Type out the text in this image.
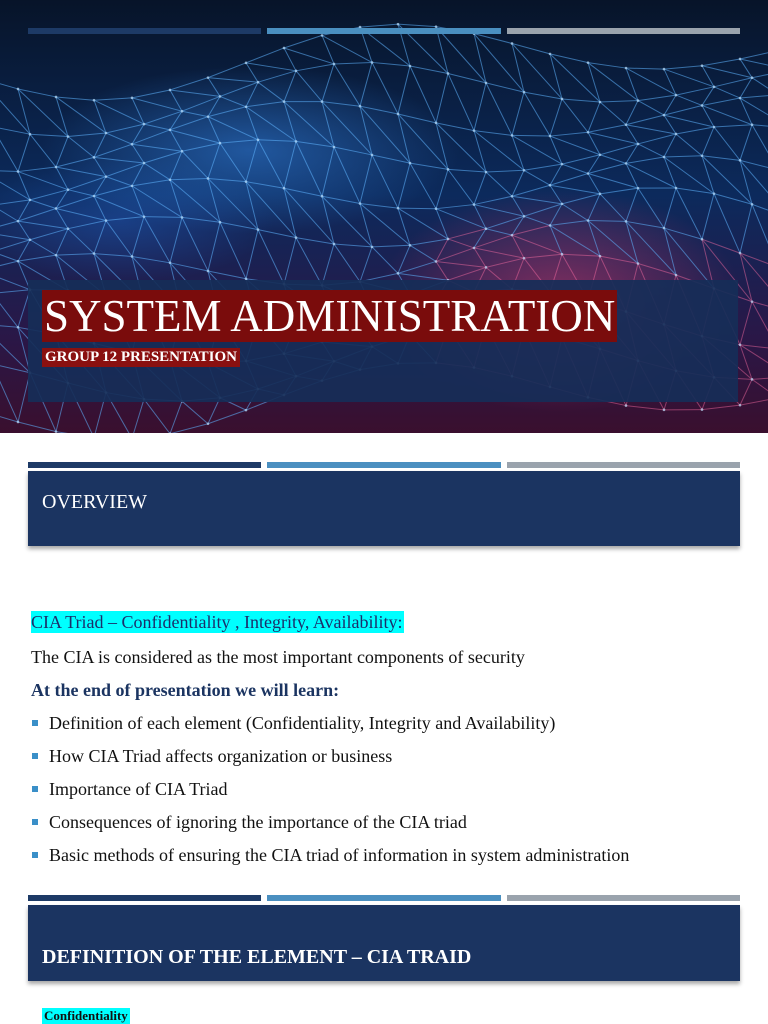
SYSTEM ADMINISTRATION
GROUP 12 PRESENTATION
OVERVIEW
CIA Triad – Confidentiality , Integrity, Availability:
The CIA is considered as the most important components of security
At the end of presentation we will learn:
Definition of each element (Confidentiality, Integrity and Availability)
How CIA Triad affects organization or business
Importance of CIA Triad
Consequences of ignoring the importance of the CIA triad
Basic methods of ensuring the CIA triad of information in system administration
DEFINITION OF THE ELEMENT – CIA TRAID
Confidentiality
